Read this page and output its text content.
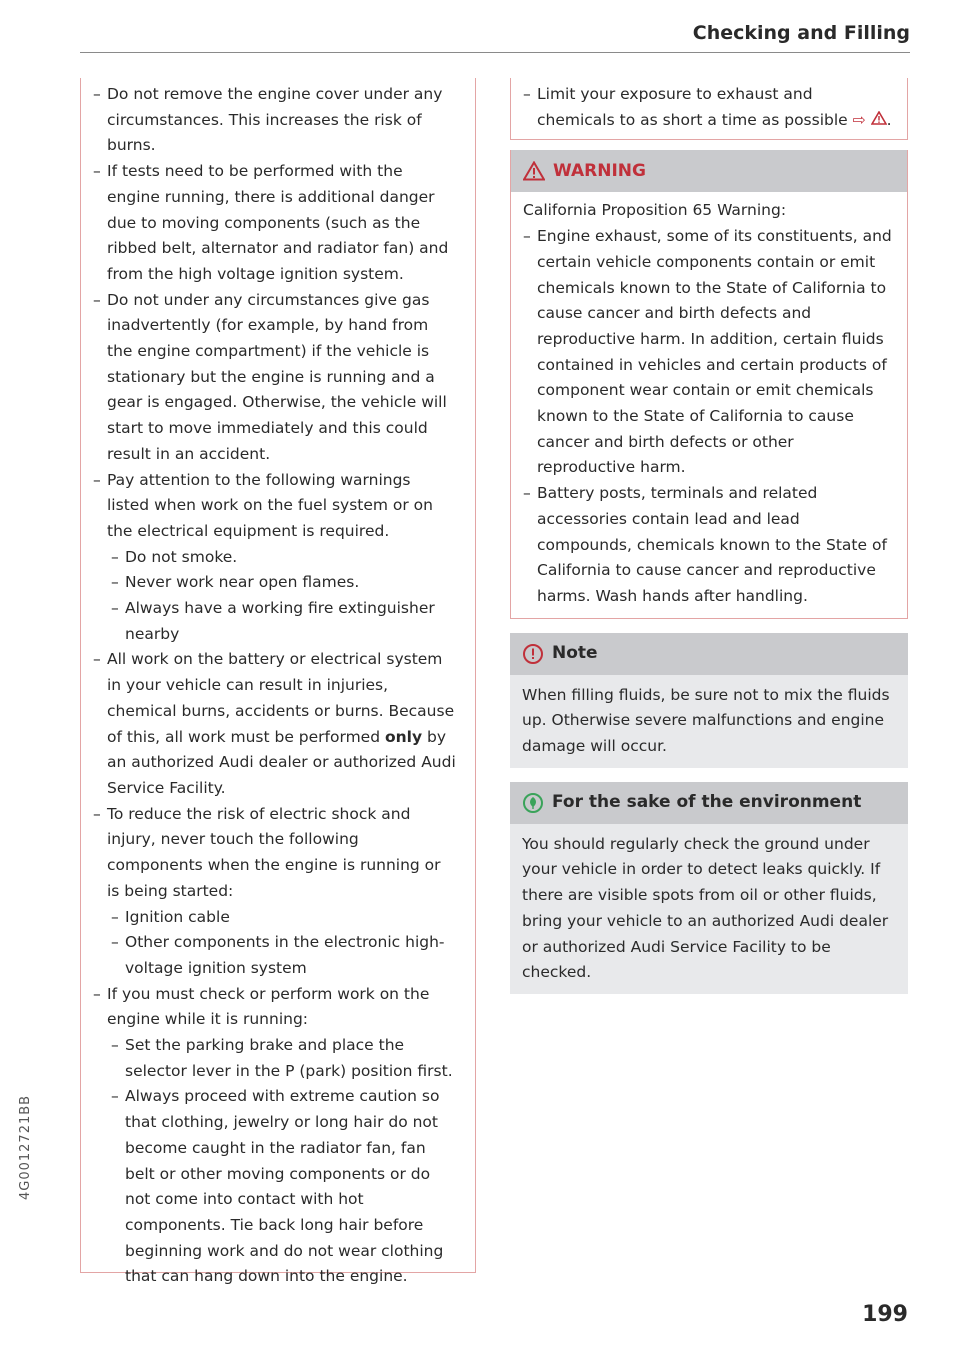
Checking and Filling
– Do not remove the engine cover under any circumstances. This increases the risk of burns.
– If tests need to be performed with the engine running, there is additional danger due to moving components (such as the ribbed belt, alternator and radiator fan) and from the high voltage ignition system.
– Do not under any circumstances give gas inadvertently (for example, by hand from the engine compartment) if the vehicle is stationary but the engine is running and a gear is engaged. Otherwise, the vehicle will start to move immediately and this could result in an accident.
– Pay attention to the following warnings listed when work on the fuel system or on the electrical equipment is required.
– Do not smoke.
– Never work near open flames.
– Always have a working fire extinguisher nearby
– All work on the battery or electrical system in your vehicle can result in injuries, chemical burns, accidents or burns. Because of this, all work must be performed only by an authorized Audi dealer or authorized Audi Service Facility.
– To reduce the risk of electric shock and injury, never touch the following components when the engine is running or is being started:
– Ignition cable
– Other components in the electronic high-voltage ignition system
– If you must check or perform work on the engine while it is running:
– Set the parking brake and place the selector lever in the P (park) position first.
– Always proceed with extreme caution so that clothing, jewelry or long hair do not become caught in the radiator fan, fan belt or other moving components or do not come into contact with hot components. Tie back long hair before beginning work and do not wear clothing that can hang down into the engine.
– Limit your exposure to exhaust and chemicals to as short a time as possible ⇨ .
WARNING

California Proposition 65 Warning:

– Engine exhaust, some of its constituents, and certain vehicle components contain or emit chemicals known to the State of California to cause cancer and birth defects and reproductive harm. In addition, certain fluids contained in vehicles and certain products of component wear contain or emit chemicals known to the State of California to cause cancer and birth defects or other reproductive harm.
– Battery posts, terminals and related accessories contain lead and lead compounds, chemicals known to the State of California to cause cancer and reproductive harms. Wash hands after handling.
Note

When filling fluids, be sure not to mix the fluids up. Otherwise severe malfunctions and engine damage will occur.

For the sake of the environment

You should regularly check the ground under your vehicle in order to detect leaks quickly. If there are visible spots from oil or other fluids, bring your vehicle to an authorized Audi dealer or authorized Audi Service Facility to be checked.

199
4G0012721BB
